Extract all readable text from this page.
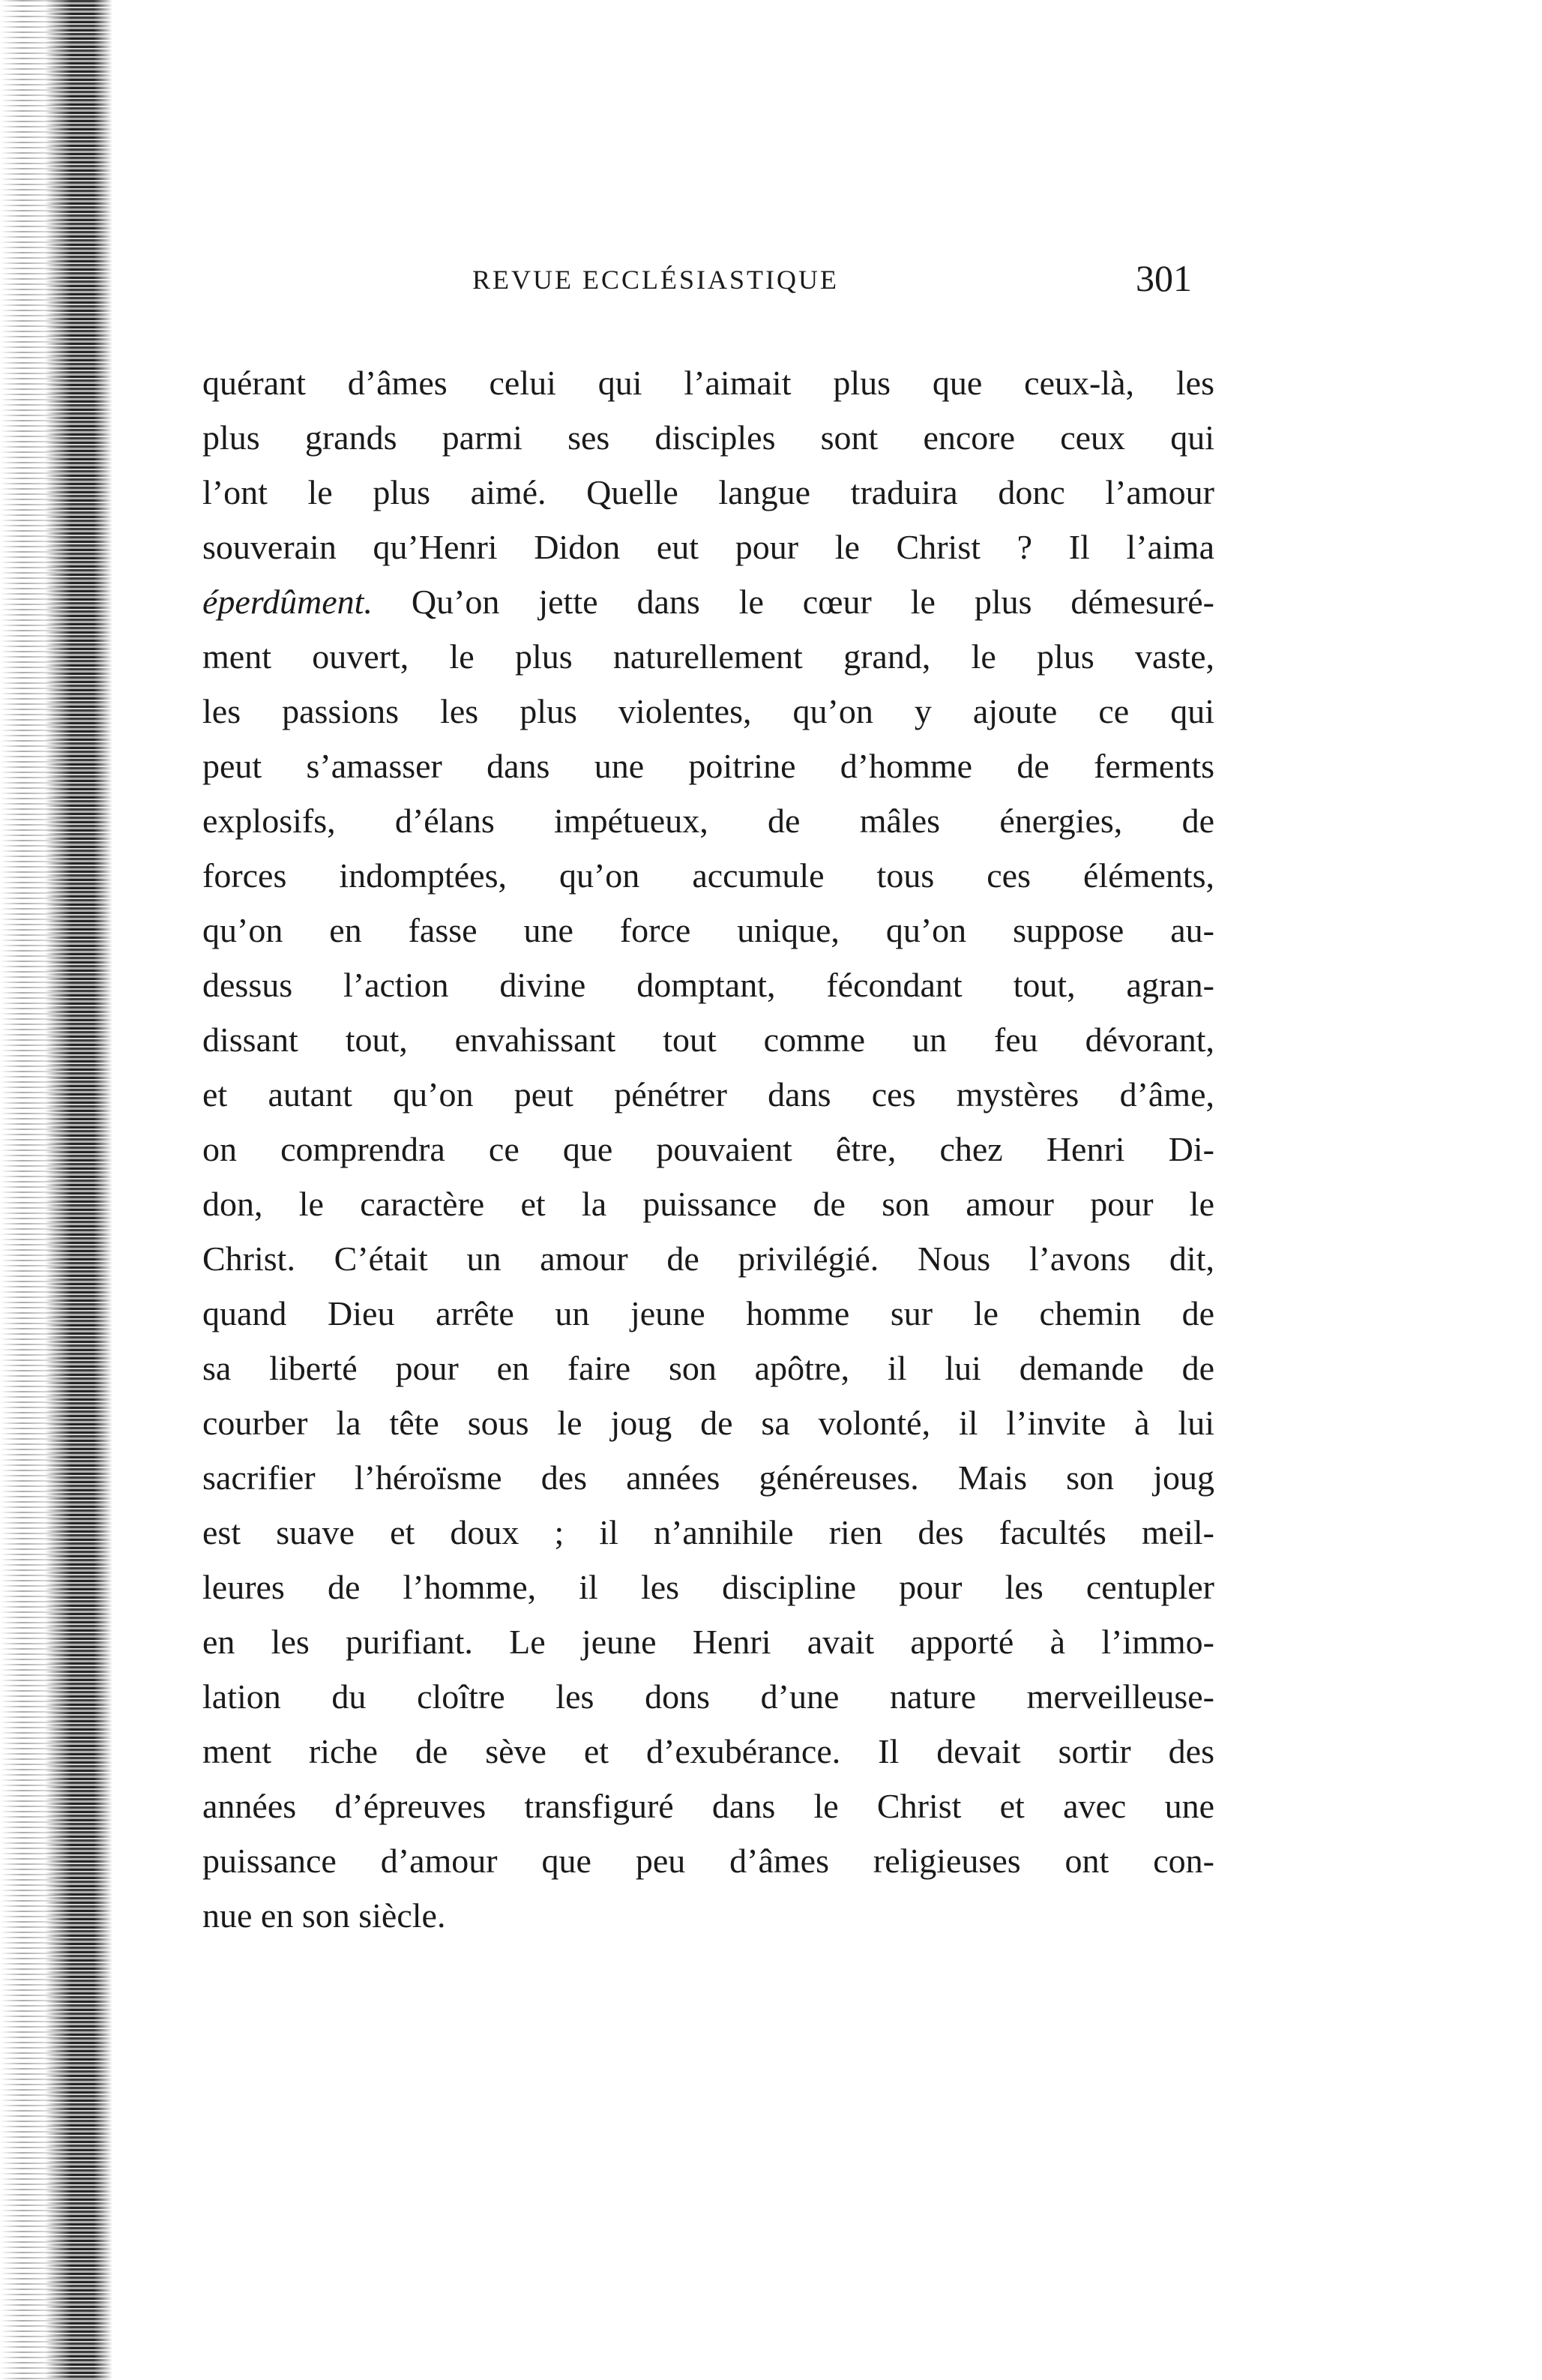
REVUE ECCLÉSIASTIQUE	301
quérant d’âmes celui qui l’aimait plus que ceux-là, les
plus grands parmi ses disciples sont encore ceux qui
l’ont le plus aimé. Quelle langue traduira donc l’amour
souverain qu’Henri Didon eut pour le Christ ? Il l’aima
éperdûment. Qu’on jette dans le cœur le plus démesuré-
ment ouvert, le plus naturellement grand, le plus vaste,
les passions les plus violentes, qu’on y ajoute ce qui
peut s’amasser dans une poitrine d’homme de ferments
explosifs, d’élans impétueux, de mâles énergies, de
forces indomptées, qu’on accumule tous ces éléments,
qu’on en fasse une force unique, qu’on suppose au-
dessus l’action divine domptant, fécondant tout, agran-
dissant tout, envahissant tout comme un feu dévorant,
et autant qu’on peut pénétrer dans ces mystères d’âme,
on comprendra ce que pouvaient être, chez Henri Di-
don, le caractère et la puissance de son amour pour le
Christ. C’était un amour de privilégié. Nous l’avons dit,
quand Dieu arrête un jeune homme sur le chemin de
sa liberté pour en faire son apôtre, il lui demande de
courber la tête sous le joug de sa volonté, il l’invite à lui
sacrifier l’héroïsme des années généreuses. Mais son joug
est suave et doux ; il n’annihile rien des facultés meil-
leures de l’homme, il les discipline pour les centupler
en les purifiant. Le jeune Henri avait apporté à l’immo-
lation du cloître les dons d’une nature merveilleuse-
ment riche de sève et d’exubérance. Il devait sortir des
années d’épreuves transfiguré dans le Christ et avec une
puissance d’amour que peu d’âmes religieuses ont con-
nue en son siècle.
